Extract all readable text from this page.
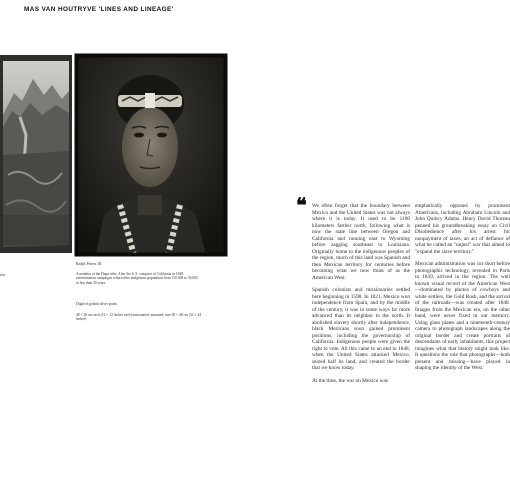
MAS VAN HOUTRYVE 'LINES AND LINEAGE'
ters
Ralph Peters III
A member of the Hupa tribe. After the U.S. conquest of California in 1848, extermination campaigns reduced the indigenous population from 150,000 to 30,000 in less than 30 years.
Digitech gelatin silver prints
48 × 36 cm each (16 × 12 inches each) unmounted; mounted: size 69 × 48 cm (32 × 24 inches)
❝ We often forget that the boundary between Mexico and the United States was not always where it is today. It used to be 1100 kilometers farther north, following what is now the state line between Oregon and California and running east to Wyoming before zagging southeast to Louisiana. Originally home to the indigenous peoples of the region, much of this land was Spanish and then Mexican territory for centuries before becoming what we now think of as the American West.

Spanish colonists and missionaries settled here beginning in 1598. In 1821, Mexico won independence from Spain, and by the middle of the century, it was in some ways far more advanced than its neighbor to the north. It abolished slavery shortly after independence, black Mexicans soon gained prominent positions, including the governorship of California. Indigenous people were given the right to vote. All this came to an end in 1848, when the United States attacked Mexico, seized half its land, and created the border that we know today.

At the time, the war on Mexico was

emphatically opposed by prominent Americans, including Abraham Lincoln and John Quincy Adams. Henry David Thoreau penned his groundbreaking essay on Civil Disobedience after his arrest for nonpayment of taxes, an act of defiance of what he called an "unjust" war that aimed to "expand the slave territory."

Mexican administration was cut short before photographic technology, revealed in Paris in 1839, arrived in the region. The well known visual record of the American West—dominated by photos of cowboys and white settlers, the Gold Rush, and the arrival of the railroads—was created after 1848. Images from the Mexican era, on the other hand, were never fixed in our memory. Using glass plates and a nineteenth-century camera to photograph landscapes along the original border and create portraits of descendants of early inhabitants, this project imagines what that history might look like. It questions the role that photographs—both present and missing—have played in shaping the identity of the West.
